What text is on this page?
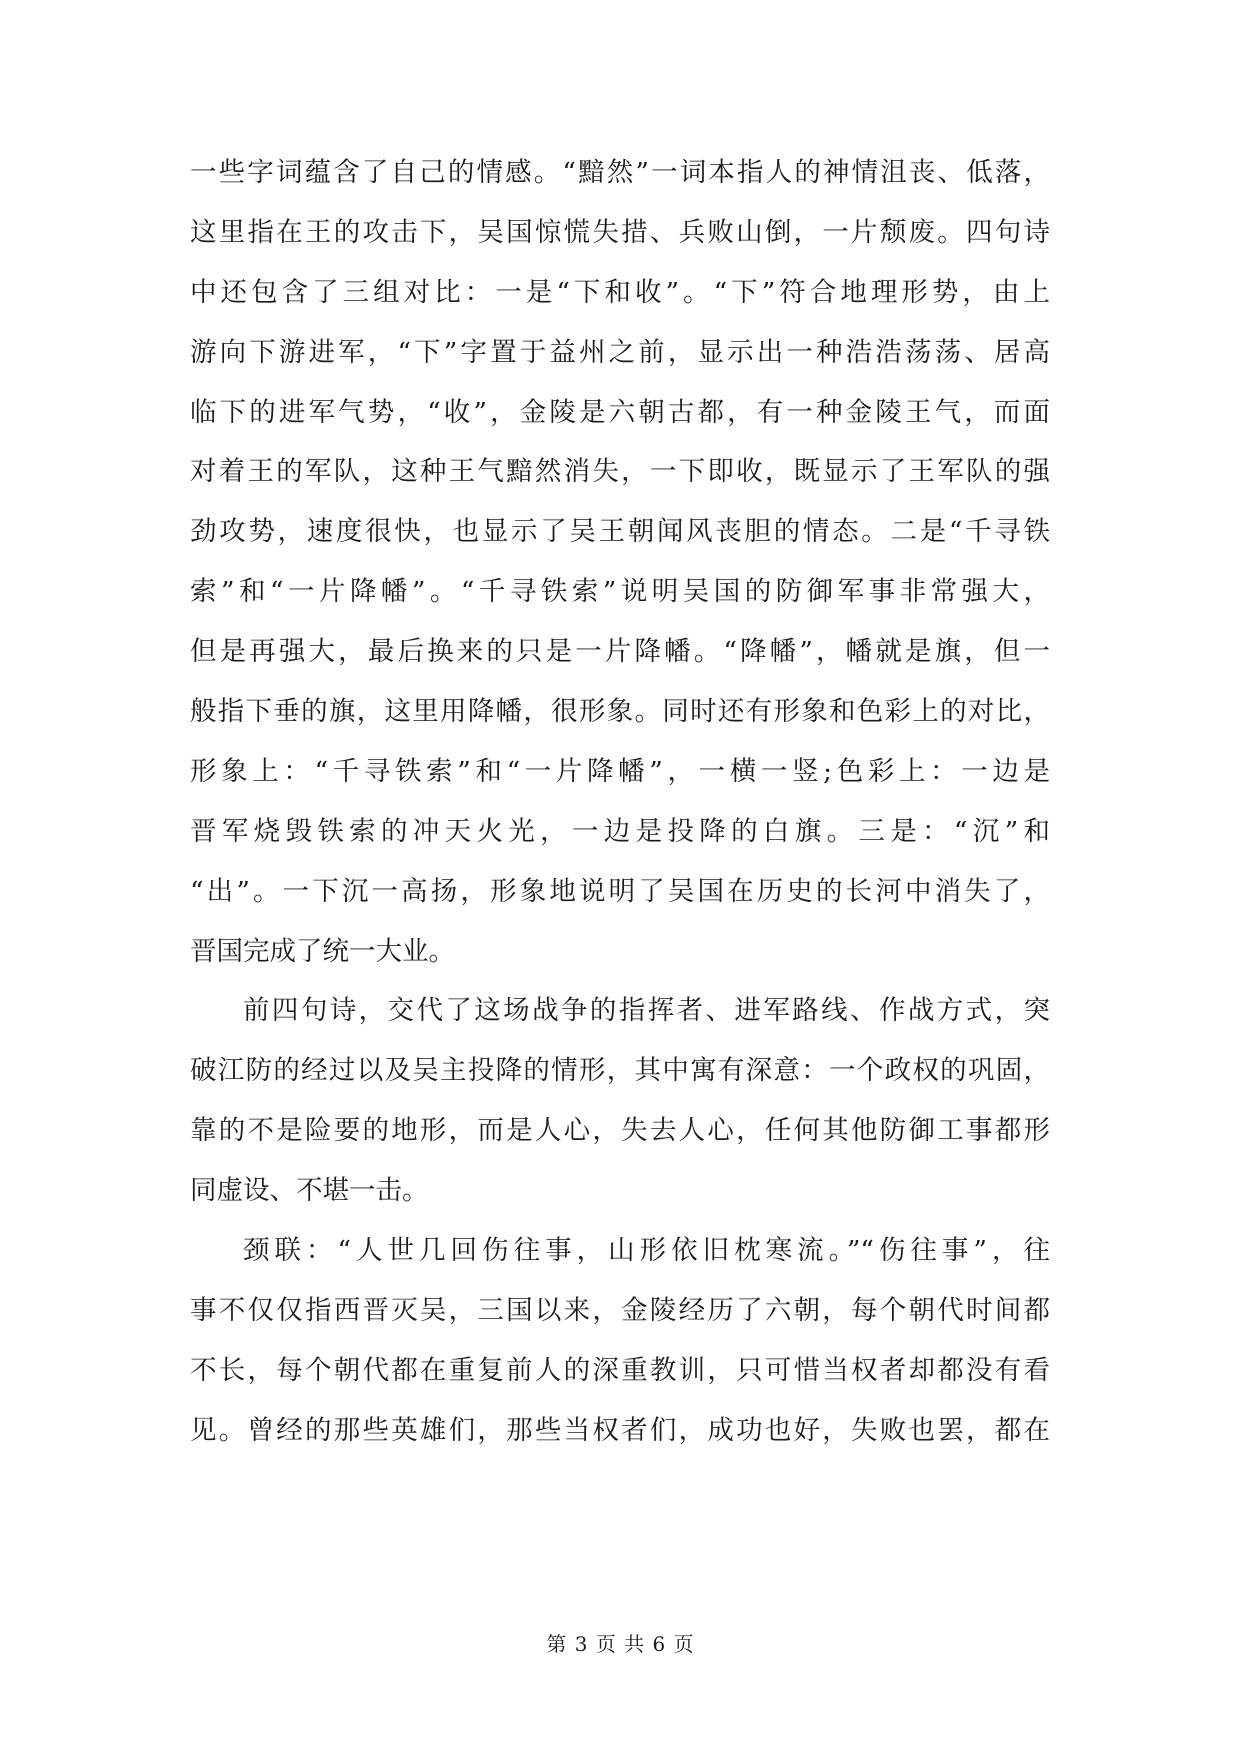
一些字词蕴含了自己的情感。“黯然”一词本指人的神情沮丧、低落，
这里指在王的攻击下，吴国惊慌失措、兵败山倒，一片颓废。四句诗
中还包含了三组对比：一是“下和收”。“下”符合地理形势，由上
游向下游进军，“下”字置于益州之前，显示出一种浩浩荡荡、居高
临下的进军气势，“收”，金陵是六朝古都，有一种金陵王气，而面
对着王的军队，这种王气黯然消失，一下即收，既显示了王军队的强
劲攻势，速度很快，也显示了吴王朝闻风丧胆的情态。二是“千寻铁
索”和“一片降幡”。“千寻铁索”说明吴国的防御军事非常强大，
但是再强大，最后换来的只是一片降幡。“降幡”，幡就是旗，但一
般指下垂的旗，这里用降幡，很形象。同时还有形象和色彩上的对比，
形象上：“千寻铁索”和“一片降幡”，一横一竖;色彩上：一边是
晋军烧毁铁索的冲天火光，一边是投降的白旗。三是：“沉”和
“出”。一下沉一高扬，形象地说明了吴国在历史的长河中消失了，
晋国完成了统一大业。
前四句诗，交代了这场战争的指挥者、进军路线、作战方式，突
破江防的经过以及吴主投降的情形，其中寓有深意：一个政权的巩固，
靠的不是险要的地形，而是人心，失去人心，任何其他防御工事都形
同虚设、不堪一击。
颈联：“人世几回伤往事，山形依旧枕寒流。”“伤往事”，往
事不仅仅指西晋灭吴，三国以来，金陵经历了六朝，每个朝代时间都
不长，每个朝代都在重复前人的深重教训，只可惜当权者却都没有看
见。曾经的那些英雄们，那些当权者们，成功也好，失败也罢，都在
第 3 页 共 6 页
